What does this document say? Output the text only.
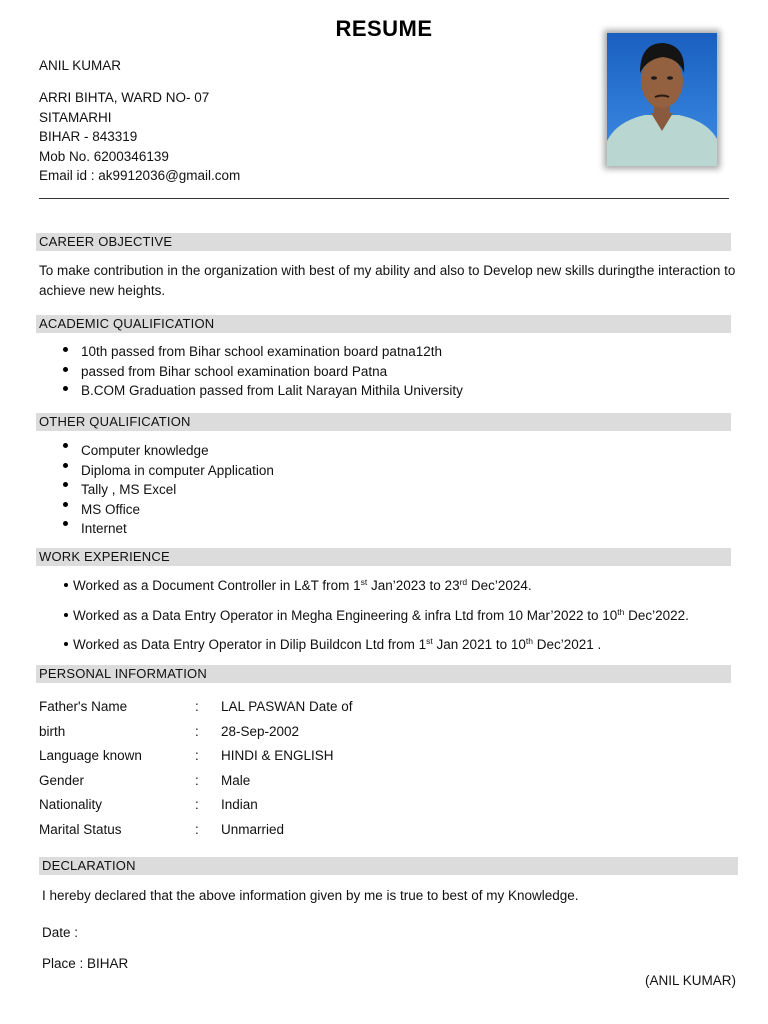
RESUME
ANIL KUMAR
ARRI BIHTA, WARD NO- 07
SITAMARHI
BIHAR - 843319
Mob No. 6200346139
Email id : ak9912036@gmail.com
CAREER OBJECTIVE
To make contribution in the organization with best of my ability and also to Develop new skills duringthe interaction to achieve new heights.
ACADEMIC QUALIFICATION
10th passed from Bihar school examination board patna12th
passed from Bihar school examination board Patna
B.COM Graduation passed from Lalit Narayan Mithila University
OTHER QUALIFICATION
Computer knowledge
Diploma in computer Application
Tally , MS Excel
MS Office
Internet
WORK EXPERIENCE
Worked as a Document Controller in L&T from 1st Jan’2023 to 23rd Dec’2024.
Worked as a Data Entry Operator in Megha Engineering & infra Ltd from 10 Mar’2022 to 10th Dec’2022.
Worked as Data Entry Operator in Dilip Buildcon Ltd from 1st Jan 2021 to 10th Dec’2021 .
PERSONAL INFORMATION
Father's Name	: LAL PASWAN Date of
birth	: 28-Sep-2002
Language known	: HINDI & ENGLISH
Gender	: Male
Nationality	: Indian
Marital Status	: Unmarried
DECLARATION
I hereby declared that the above information given by me is true to best of my Knowledge.
Date :
Place : BIHAR
(ANIL KUMAR)
